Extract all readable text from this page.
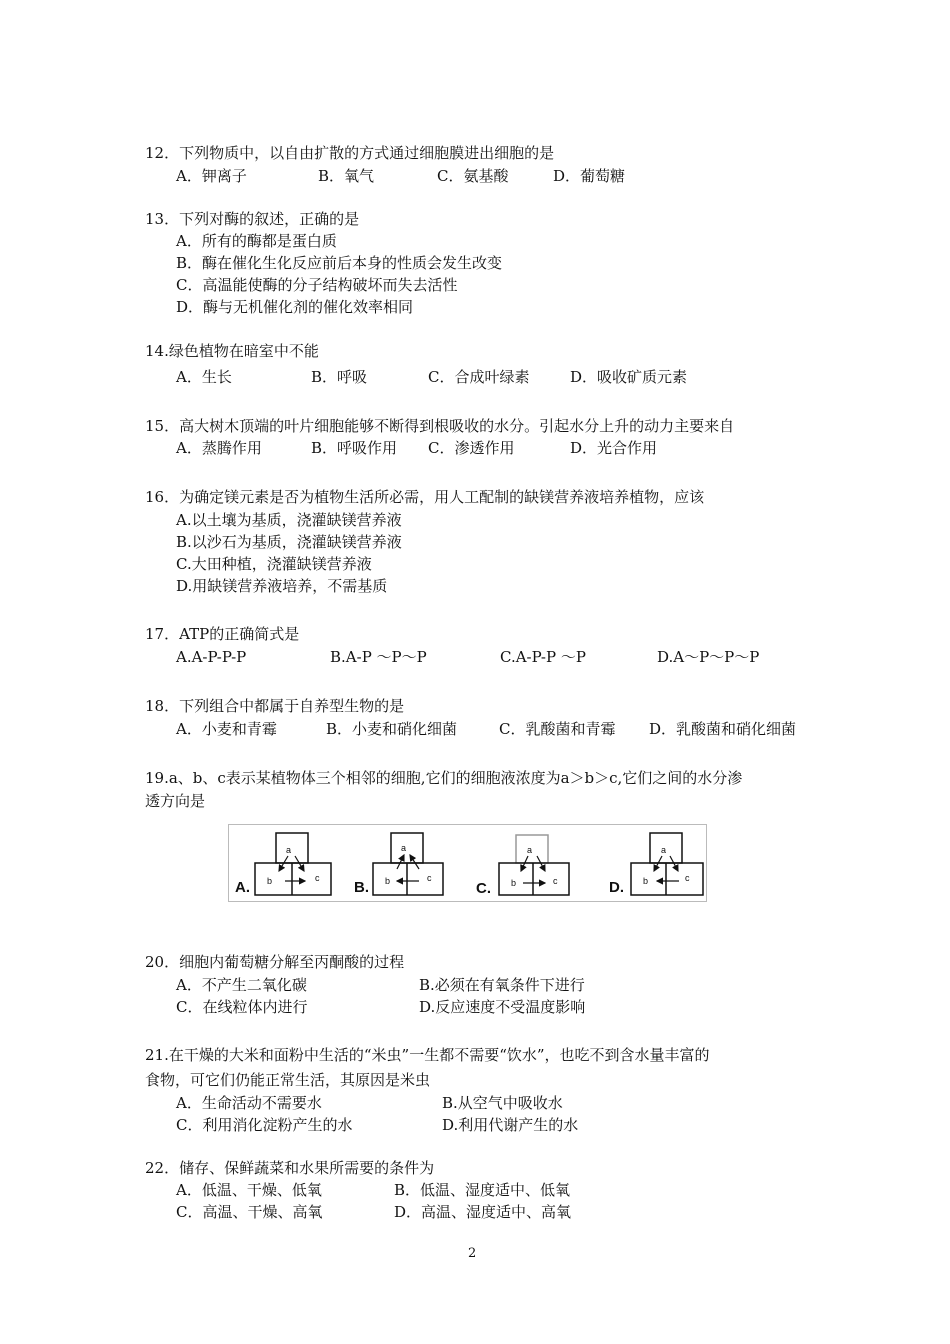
12．下列物质中，以自由扩散的方式通过细胞膜进出细胞的是
A．钾离子	B．氧气	C．氨基酸	D．葡萄糖
13．下列对酶的叙述，正确的是
A．所有的酶都是蛋白质
B．酶在催化生化反应前后本身的性质会发生改变
C．高温能使酶的分子结构破坏而失去活性
D．酶与无机催化剂的催化效率相同
14.绿色植物在暗室中不能
A．生长	B．呼吸	C．合成叶绿素	D．吸收矿质元素
15．高大树木顶端的叶片细胞能够不断得到根吸收的水分。引起水分上升的动力主要来自
A．蒸腾作用	B．呼吸作用 C．渗透作用	D．光合作用
16．为确定镁元素是否为植物生活所必需，用人工配制的缺镁营养液培养植物，应该
A.以土壤为基质，浇灌缺镁营养液
B.以沙石为基质，浇灌缺镁营养液
C.大田种植，浇灌缺镁营养液
D.用缺镁营养液培养，不需基质
17．ATP的正确简式是
A.A-P-P-P	B.A-P ～P～P	C.A-P-P ～P	D.A～P～P～P
18．下列组合中都属于自养型生物的是
A．小麦和青霉	B．小麦和硝化细菌	C．乳酸菌和青霉 D．乳酸菌和硝化细菌
19.a、b、c表示某植物体三个相邻的细胞,它们的细胞液浓度为a＞b＞c,它们之间的水分渗
透方向是
A.
a
b	c
B.
a
b	c
C.
a
b	c	D.
a
b	c
20．细胞内葡萄糖分解至丙酮酸的过程
A．不产生二氧化碳	B.必须在有氧条件下进行
C．在线粒体内进行	D.反应速度不受温度影响
21.在干燥的大米和面粉中生活的“米虫”一生都不需要“饮水”，也吃不到含水量丰富的
食物，可它们仍能正常生活，其原因是米虫
A．生命活动不需要水	B.从空气中吸收水
C．利用消化淀粉产生的水	D.利用代谢产生的水
22．储存、保鲜蔬菜和水果所需要的条件为
A．低温、干燥、低氧	B．低温、湿度适中、低氧
C．高温、干燥、高氧	D．高温、湿度适中、高氧
2
